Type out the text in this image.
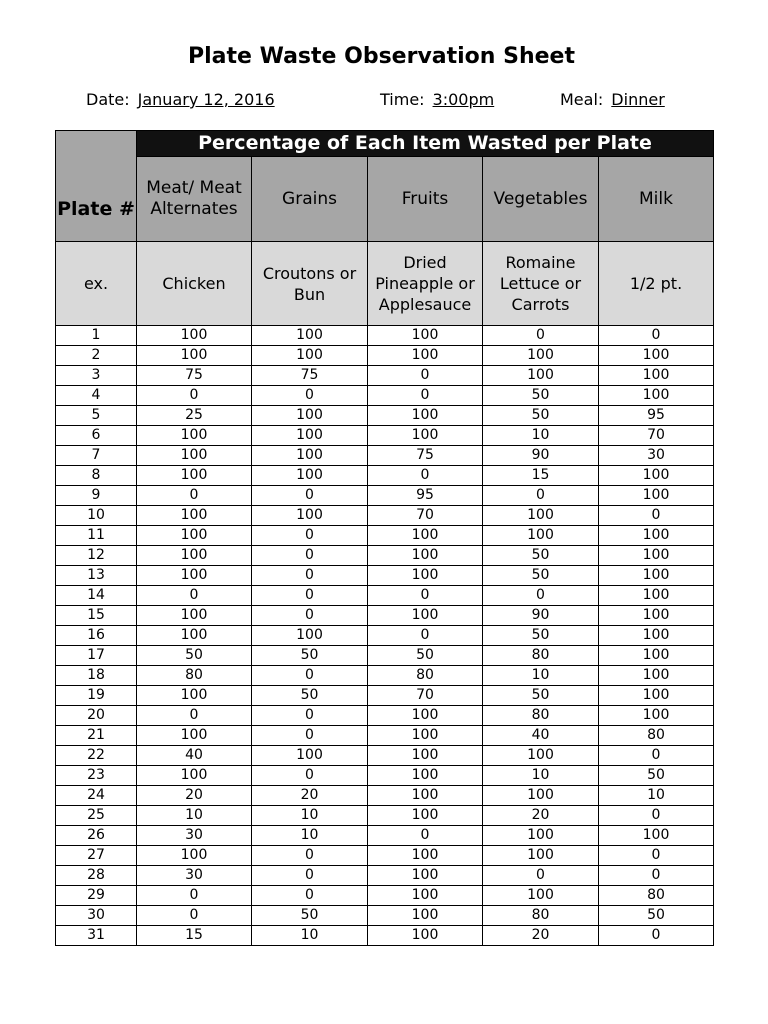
Plate Waste Observation Sheet
Date: January 12, 2016	Time: 3:00pm	Meal: Dinner
Plate #	Percentage of Each Item Wasted per Plate				
	Meat/ Meat Alternates	Grains	Fruits	Vegetables	Milk
ex.	Chicken	Croutons or Bun	Dried Pineapple or Applesauce	Romaine Lettuce or Carrots	1/2 pt.
1	100	100	100	0	0
2	100	100	100	100	100
3	75	75	0	100	100
4	0	0	0	50	100
5	25	100	100	50	95
6	100	100	100	10	70
7	100	100	75	90	30
8	100	100	0	15	100
9	0	0	95	0	100
10	100	100	70	100	0
11	100	0	100	100	100
12	100	0	100	50	100
13	100	0	100	50	100
14	0	0	0	0	100
15	100	0	100	90	100
16	100	100	0	50	100
17	50	50	50	80	100
18	80	0	80	10	100
19	100	50	70	50	100
20	0	0	100	80	100
21	100	0	100	40	80
22	40	100	100	100	0
23	100	0	100	10	50
24	20	20	100	100	10
25	10	10	100	20	0
26	30	10	0	100	100
27	100	0	100	100	0
28	30	0	100	0	0
29	0	0	100	100	80
30	0	50	100	80	50
31	15	10	100	20	0
